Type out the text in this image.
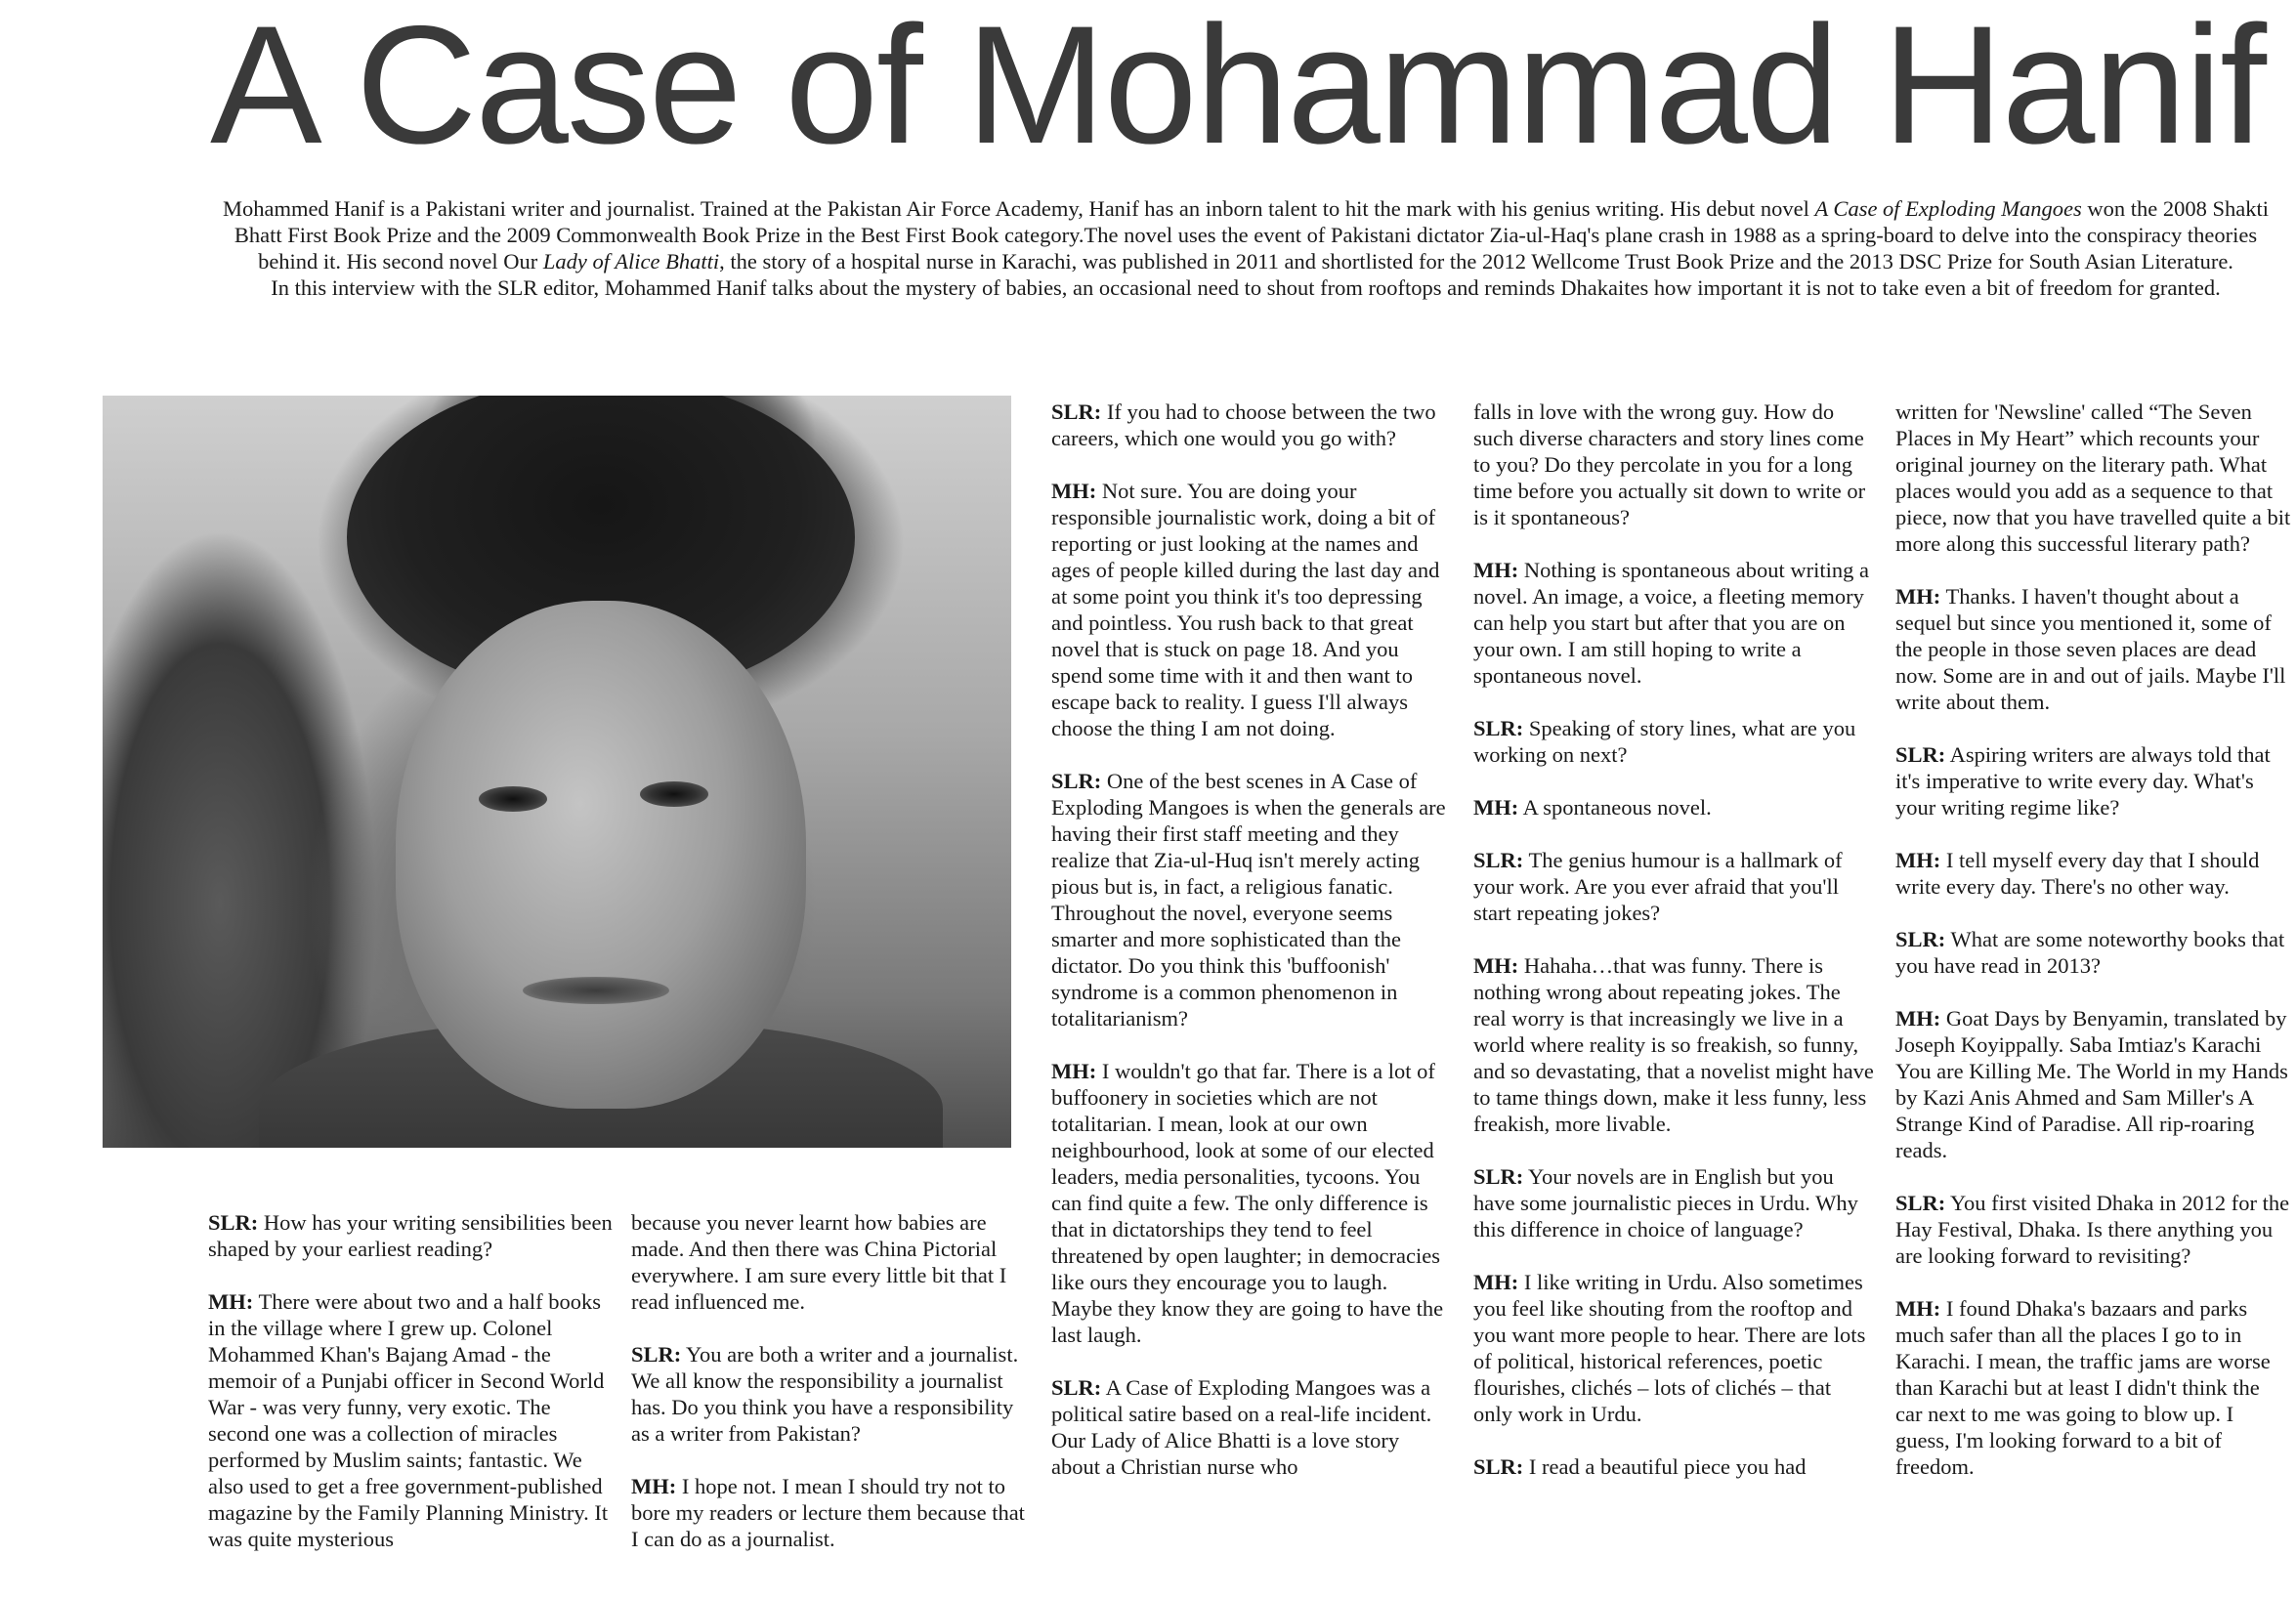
A Case of Mohammad Hanif

Mohammed Hanif is a Pakistani writer and journalist. Trained at the Pakistan Air Force Academy, Hanif has an inborn talent to hit the mark with his genius writing. His debut novel A Case of Exploding Mangoes won the 2008 Shakti Bhatt First Book Prize and the 2009 Commonwealth Book Prize in the Best First Book category.The novel uses the event of Pakistani dictator Zia-ul-Haq's plane crash in 1988 as a spring-board to delve into the conspiracy theories behind it. His second novel Our Lady of Alice Bhatti, the story of a hospital nurse in Karachi, was published in 2011 and shortlisted for the 2012 Wellcome Trust Book Prize and the 2013 DSC Prize for South Asian Literature.

In this interview with the SLR editor, Mohammed Hanif talks about the mystery of babies, an occasional need to shout from rooftops and reminds Dhakaites how important it is not to take even a bit of freedom for granted.

SLR: How has your writing sensibilities been shaped by your earliest reading?

MH: There were about two and a half books in the village where I grew up. Colonel Mohammed Khan's Bajang Amad - the memoir of a Punjabi officer in Second World War - was very funny, very exotic. The second one was a collection of miracles performed by Muslim saints; fantastic. We also used to get a free government-published magazine by the Family Planning Ministry. It was quite mysterious

because you never learnt how babies are made. And then there was China Pictorial everywhere. I am sure every little bit that I read influenced me.

SLR: You are both a writer and a journalist. We all know the responsibility a journalist has. Do you think you have a responsibility as a writer from Pakistan?

MH: I hope not. I mean I should try not to bore my readers or lecture them because that I can do as a journalist.

SLR: If you had to choose between the two careers, which one would you go with?

MH: Not sure. You are doing your responsible journalistic work, doing a bit of reporting or just looking at the names and ages of people killed during the last day and at some point you think it's too depressing and pointless. You rush back to that great novel that is stuck on page 18. And you spend some time with it and then want to escape back to reality. I guess I'll always choose the thing I am not doing.

SLR: One of the best scenes in A Case of Exploding Mangoes is when the generals are having their first staff meeting and they realize that Zia-ul-Huq isn't merely acting pious but is, in fact, a religious fanatic. Throughout the novel, everyone seems smarter and more sophisticated than the dictator. Do you think this 'buffoonish' syndrome is a common phenomenon in totalitarianism?

MH: I wouldn't go that far. There is a lot of buffoonery in societies which are not totalitarian. I mean, look at our own neighbourhood, look at some of our elected leaders, media personalities, tycoons. You can find quite a few. The only difference is that in dictatorships they tend to feel threatened by open laughter; in democracies like ours they encourage you to laugh. Maybe they know they are going to have the last laugh.

SLR: A Case of Exploding Mangoes was a political satire based on a real-life incident. Our Lady of Alice Bhatti is a love story about a Christian nurse who

falls in love with the wrong guy. How do such diverse characters and story lines come to you? Do they percolate in you for a long time before you actually sit down to write or is it spontaneous?

MH: Nothing is spontaneous about writing a novel. An image, a voice, a fleeting memory can help you start but after that you are on your own. I am still hoping to write a spontaneous novel.

SLR: Speaking of story lines, what are you working on next?

MH: A spontaneous novel.

SLR: The genius humour is a hallmark of your work. Are you ever afraid that you'll start repeating jokes?

MH: Hahaha…that was funny. There is nothing wrong about repeating jokes. The real worry is that increasingly we live in a world where reality is so freakish, so funny, and so devastating, that a novelist might have to tame things down, make it less funny, less freakish, more livable.

SLR: Your novels are in English but you have some journalistic pieces in Urdu. Why this difference in choice of language?

MH: I like writing in Urdu. Also sometimes you feel like shouting from the rooftop and you want more people to hear. There are lots of political, historical references, poetic flourishes, clichés – lots of clichés – that only work in Urdu.

SLR: I read a beautiful piece you had

written for 'Newsline' called “The Seven Places in My Heart” which recounts your original journey on the literary path. What places would you add as a sequence to that piece, now that you have travelled quite a bit more along this successful literary path?

MH: Thanks. I haven't thought about a sequel but since you mentioned it, some of the people in those seven places are dead now. Some are in and out of jails. Maybe I'll write about them.

SLR: Aspiring writers are always told that it's imperative to write every day. What's your writing regime like?

MH: I tell myself every day that I should write every day. There's no other way.

SLR: What are some noteworthy books that you have read in 2013?

MH: Goat Days by Benyamin, translated by Joseph Koyippally. Saba Imtiaz's Karachi You are Killing Me. The World in my Hands by Kazi Anis Ahmed and Sam Miller's A Strange Kind of Paradise. All rip-roaring reads.

SLR: You first visited Dhaka in 2012 for the Hay Festival, Dhaka. Is there anything you are looking forward to revisiting?

MH: I found Dhaka's bazaars and parks much safer than all the places I go to in Karachi. I mean, the traffic jams are worse than Karachi but at least I didn't think the car next to me was going to blow up. I guess, I'm looking forward to a bit of freedom.
